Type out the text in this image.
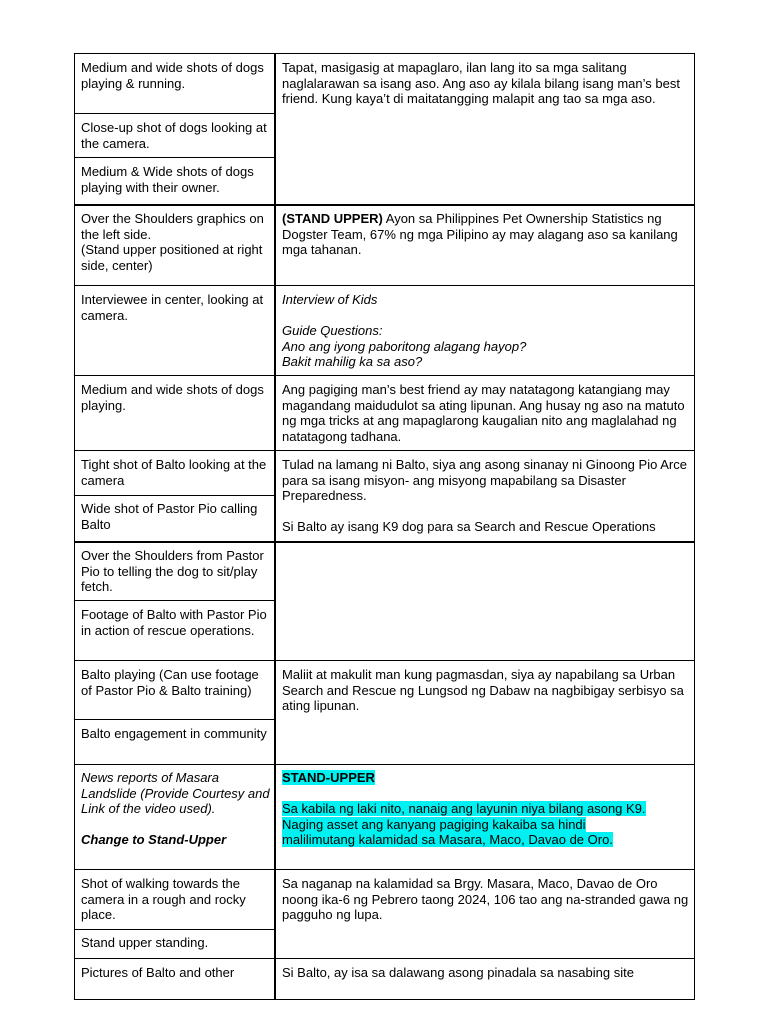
Medium and wide shots of dogs playing & running.
Close-up shot of dogs looking at the camera.
Medium & Wide shots of dogs playing with their owner.
Tapat, masigasig at mapaglaro, ilan lang ito sa mga salitang naglalarawan sa isang aso. Ang aso ay kilala bilang isang man’s best friend. Kung kaya’t di maitatangging malapit ang tao sa mga aso.
Over the Shoulders graphics on the left side.
(Stand upper positioned at right side, center)
(STAND UPPER) Ayon sa Philippines Pet Ownership Statistics ng Dogster Team, 67% ng mga Pilipino ay may alagang aso sa kanilang mga tahanan.
Interviewee in center, looking at camera.
Interview of Kids
Guide Questions:
Ano ang iyong paboritong alagang hayop?
Bakit mahilig ka sa aso?
Medium and wide shots of dogs playing.
Ang pagiging man’s best friend ay may natatagong katangiang may magandang maidudulot sa ating lipunan. Ang husay ng aso na matuto ng mga tricks at ang mapaglarong kaugalian nito ang maglalahad ng natatagong tadhana.
Tight shot of Balto looking at the camera
Wide shot of Pastor Pio calling Balto
Tulad na lamang ni Balto, siya ang asong sinanay ni Ginoong Pio Arce para sa isang misyon- ang misyong mapabilang sa Disaster Preparedness.
Si Balto ay isang K9 dog para sa Search and Rescue Operations
Over the Shoulders from Pastor Pio to telling the dog to sit/play fetch.
Footage of Balto with Pastor Pio in action of rescue operations.
Balto playing (Can use footage of Pastor Pio & Balto training)
Balto engagement in community
Maliit at makulit man kung pagmasdan, siya ay napabilang sa Urban Search and Rescue ng Lungsod ng Dabaw na nagbibigay serbisyo sa ating lipunan.
News reports of Masara Landslide (Provide Courtesy and Link of the video used).
Change to Stand-Upper
STAND-UPPER
Sa kabila ng laki nito, nanaig ang layunin niya bilang asong K9.
Naging asset ang kanyang pagiging kakaiba sa hindi
malilimutang kalamidad sa Masara, Maco, Davao de Oro.
Shot of walking towards the camera in a rough and rocky place.
Stand upper standing.
Sa naganap na kalamidad sa Brgy. Masara, Maco, Davao de Oro noong ika-6 ng Pebrero taong 2024, 106 tao ang na-stranded gawa ng pagguho ng lupa.
Pictures of Balto and other	Si Balto, ay isa sa dalawang asong pinadala sa nasabing site
